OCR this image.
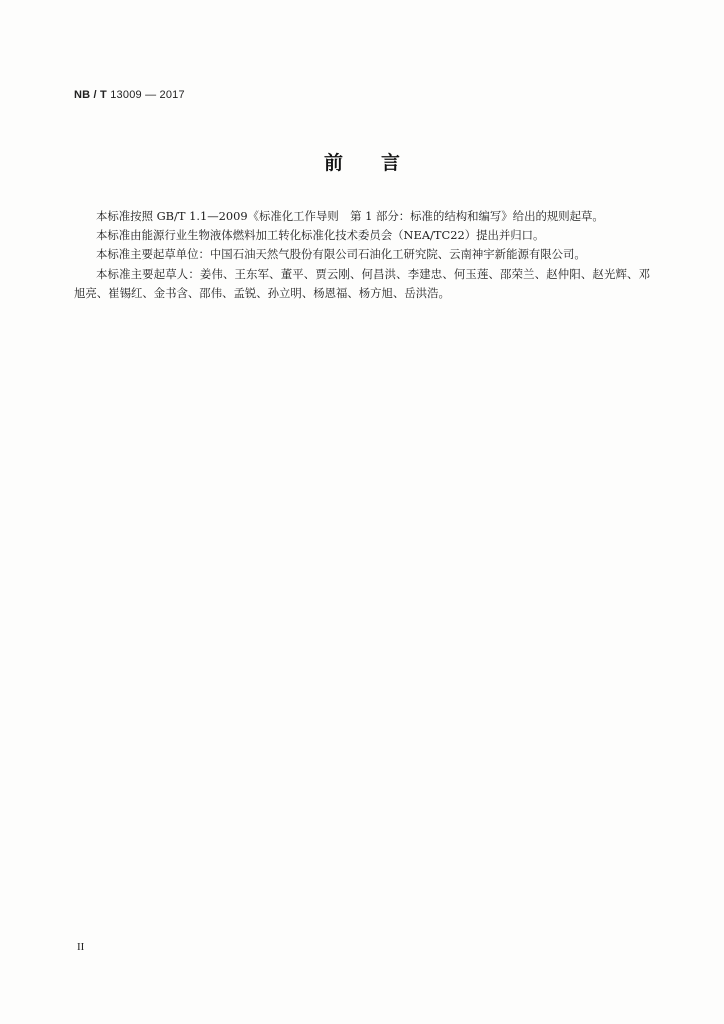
NB / T 13009 — 2017
前言

本标准按照 GB/T 1.1—2009《标准化工作导则　第 1 部分：标准的结构和编写》给出的规则起草。

本标准由能源行业生物液体燃料加工转化标准化技术委员会（NEA/TC22）提出并归口。

本标准主要起草单位：中国石油天然气股份有限公司石油化工研究院、云南神宇新能源有限公司。

本标准主要起草人：姜伟、王东军、董平、贾云刚、何昌洪、李建忠、何玉莲、邵荣兰、赵仲阳、赵光辉、邓旭亮、崔锡红、金书含、邵伟、孟锐、孙立明、杨恩福、杨方旭、岳洪浩。

II
